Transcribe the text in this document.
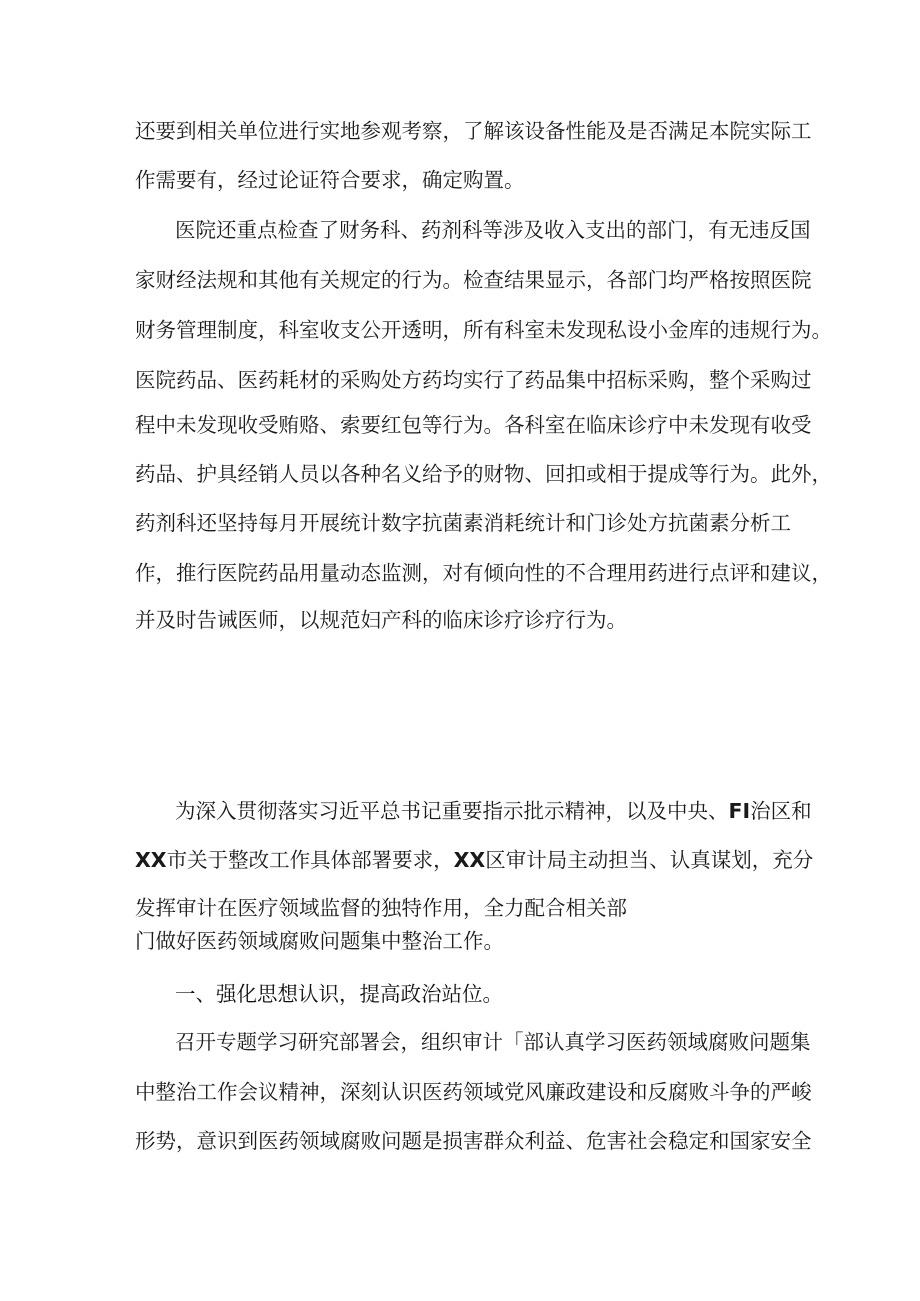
还要到相关单位进行实地参观考察，了解该设备性能及是否满足本院实际工
作需要有，经过论证符合要求，确定购置。
医院还重点检查了财务科、药剂科等涉及收入支出的部门，有无违反国
家财经法规和其他有关规定的行为。检查结果显示，各部门均严格按照医院
财务管理制度，科室收支公开透明，所有科室未发现私设小金库的违规行为。
医院药品、医药耗材的采购处方药均实行了药品集中招标采购，整个采购过
程中未发现收受贿赂、索要红包等行为。各科室在临床诊疗中未发现有收受
药品、护具经销人员以各种名义给予的财物、回扣或相于提成等行为。此外，
药剂科还坚持每月开展统计数字抗菌素消耗统计和门诊处方抗菌素分析工
作，推行医院药品用量动态监测，对有倾向性的不合理用药进行点评和建议，
并及时告诫医师，以规范妇产科的临床诊疗诊疗行为。
为深入贯彻落实习近平总书记重要指示批示精神，以及中央、FI治区和
XX市关于整改工作具体部署要求，XX区审计局主动担当、认真谋划，充分
发挥审计在医疗领域监督的独特作用，全力配合相关部
门做好医药领域腐败问题集中整治工作。
一、强化思想认识，提高政治站位。
召开专题学习研究部署会，组织审计「部认真学习医药领域腐败问题集
中整治工作会议精神，深刻认识医药领域党风廉政建设和反腐败斗争的严峻
形势，意识到医药领域腐败问题是损害群众利益、危害社会稳定和国家安全
